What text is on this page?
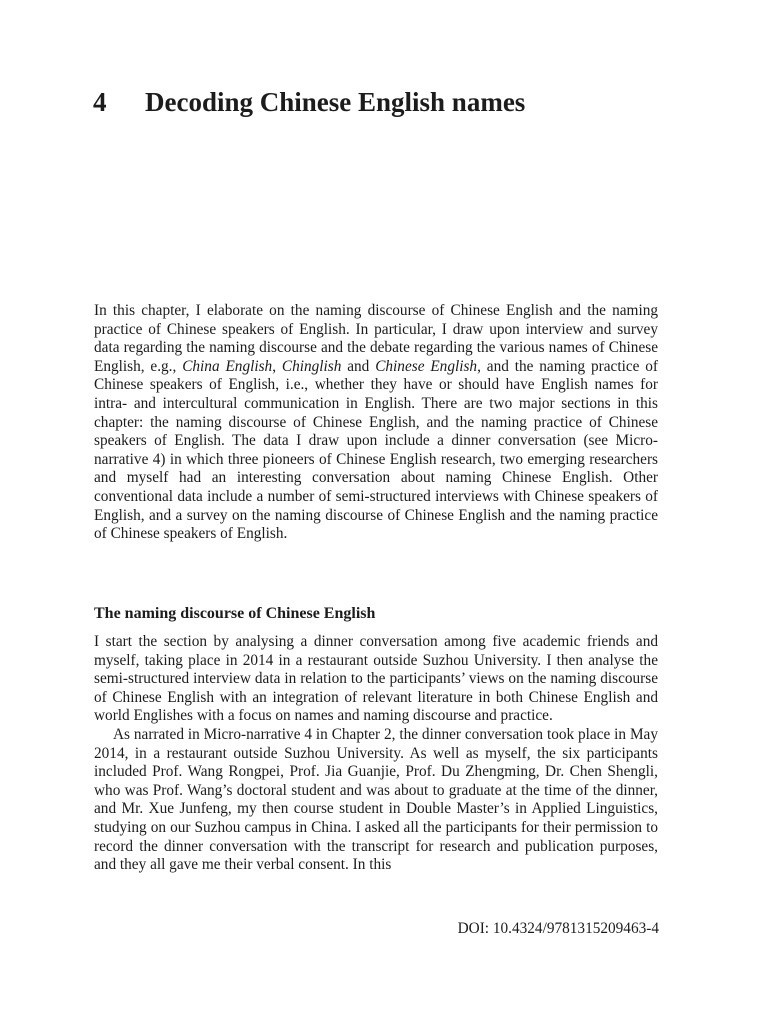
4 Decoding Chinese English names
In this chapter, I elaborate on the naming discourse of Chinese English and the naming practice of Chinese speakers of English. In particular, I draw upon interview and survey data regarding the naming discourse and the debate regarding the various names of Chinese English, e.g., China English, Chinglish and Chinese English, and the naming practice of Chinese speakers of English, i.e., whether they have or should have English names for intra- and intercultural communication in English. There are two major sections in this chapter: the naming discourse of Chinese English, and the naming practice of Chinese speakers of English. The data I draw upon include a dinner conversation (see Micro-narrative 4) in which three pioneers of Chinese English research, two emerging researchers and myself had an interesting conversation about naming Chinese English. Other conventional data include a number of semi-structured interviews with Chinese speakers of English, and a survey on the naming discourse of Chinese English and the naming practice of Chinese speakers of English.
The naming discourse of Chinese English

I start the section by analysing a dinner conversation among five academic friends and myself, taking place in 2014 in a restaurant outside Suzhou University. I then analyse the semi-structured interview data in relation to the participants’ views on the naming discourse of Chinese English with an integration of relevant literature in both Chinese English and world Englishes with a focus on names and naming discourse and practice.

As narrated in Micro-narrative 4 in Chapter 2, the dinner conversation took place in May 2014, in a restaurant outside Suzhou University. As well as myself, the six participants included Prof. Wang Rongpei, Prof. Jia Guanjie, Prof. Du Zhengming, Dr. Chen Shengli, who was Prof. Wang’s doctoral student and was about to graduate at the time of the dinner, and Mr. Xue Junfeng, my then course student in Double Master’s in Applied Linguistics, studying on our Suzhou campus in China. I asked all the participants for their permission to record the dinner conversation with the transcript for research and publication purposes, and they all gave me their verbal consent. In this

DOI: 10.4324/9781315209463-4
